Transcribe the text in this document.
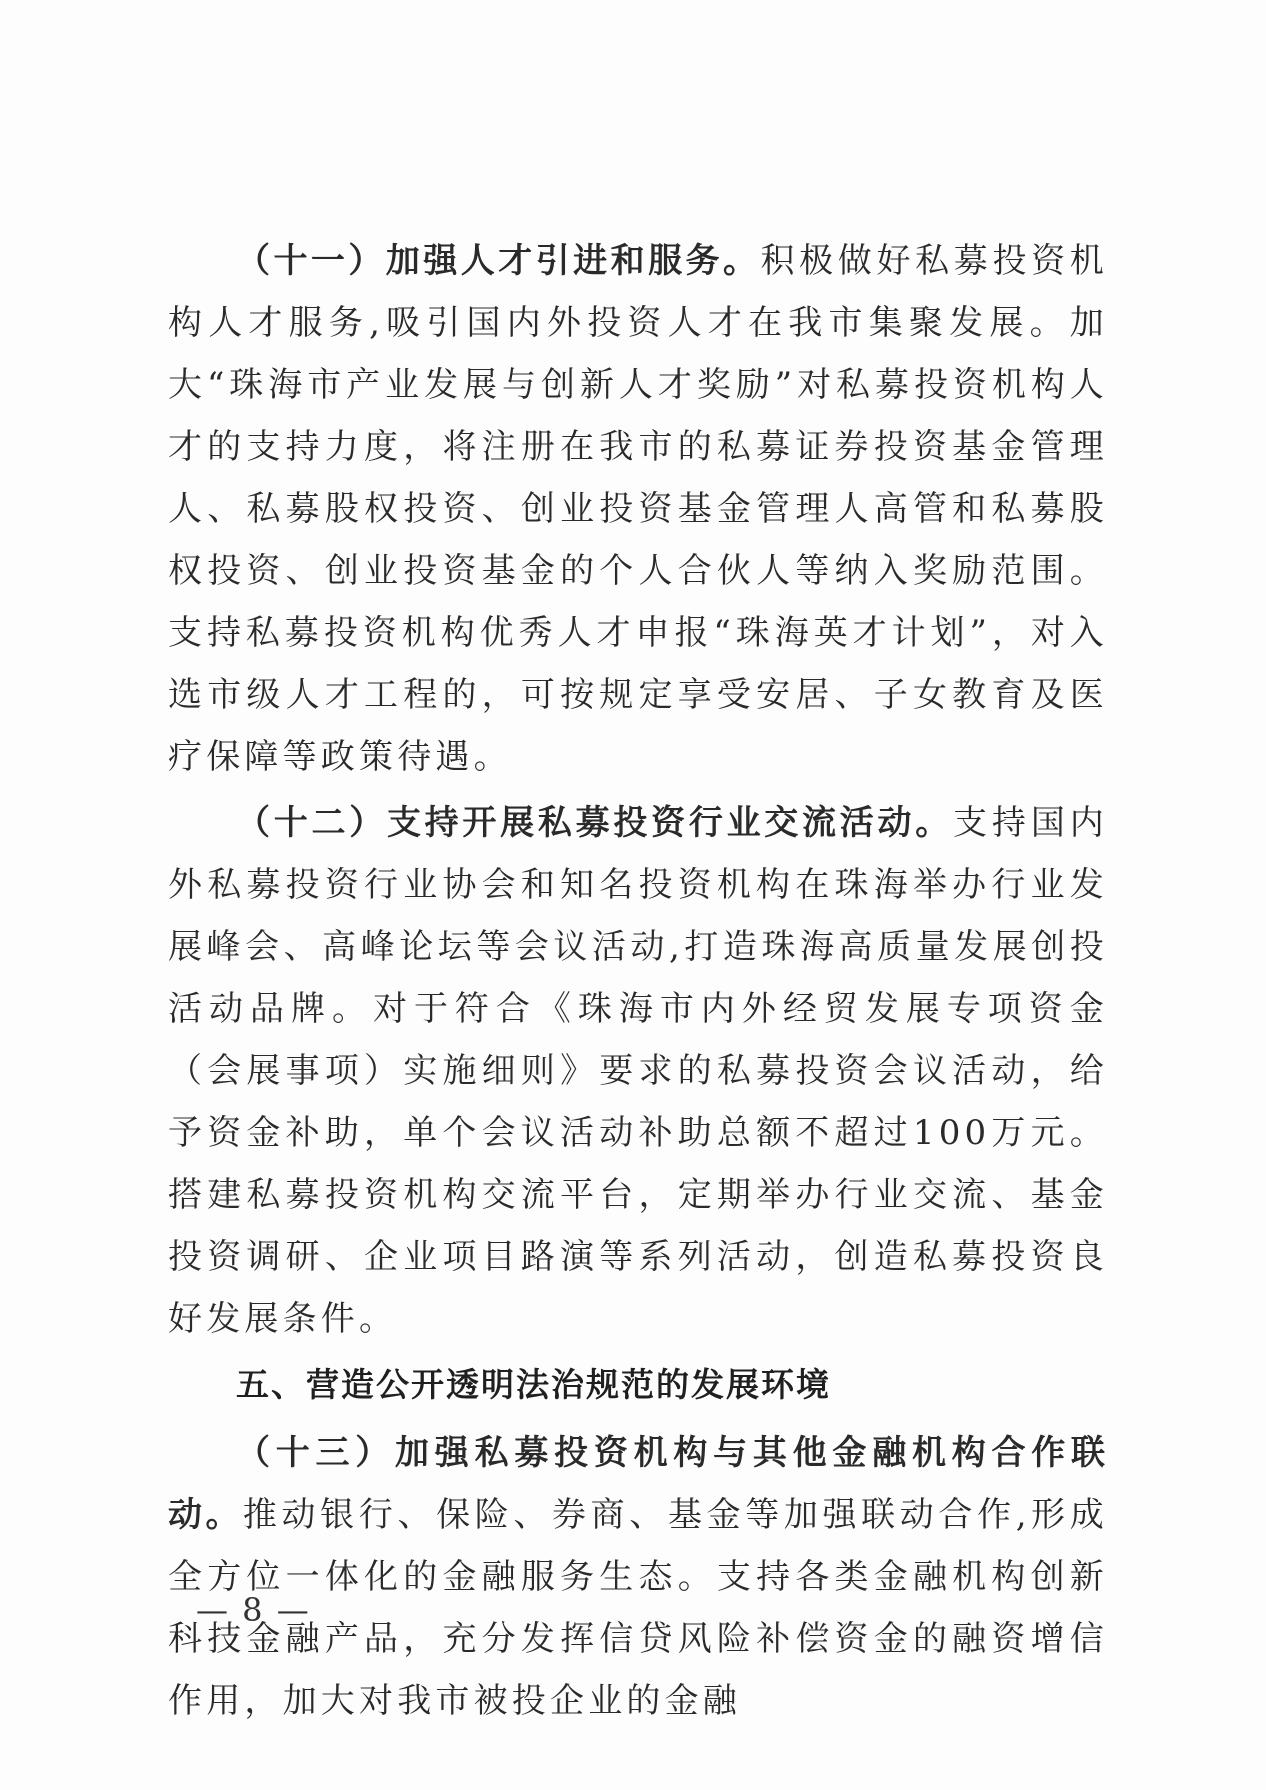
（十一）加强人才引进和服务。积极做好私募投资机构人才服务,吸引国内外投资人才在我市集聚发展。加大“珠海市产业发展与创新人才奖励”对私募投资机构人才的支持力度，将注册在我市的私募证券投资基金管理人、私募股权投资、创业投资基金管理人高管和私募股权投资、创业投资基金的个人合伙人等纳入奖励范围。支持私募投资机构优秀人才申报“珠海英才计划”，对入选市级人才工程的，可按规定享受安居、子女教育及医疗保障等政策待遇。

（十二）支持开展私募投资行业交流活动。支持国内外私募投资行业协会和知名投资机构在珠海举办行业发展峰会、高峰论坛等会议活动,打造珠海高质量发展创投活动品牌。对于符合《珠海市内外经贸发展专项资金（会展事项）实施细则》要求的私募投资会议活动，给予资金补助，单个会议活动补助总额不超过100万元。搭建私募投资机构交流平台，定期举办行业交流、基金投资调研、企业项目路演等系列活动，创造私募投资良好发展条件。

五、营造公开透明法治规范的发展环境

（十三）加强私募投资机构与其他金融机构合作联动。推动银行、保险、券商、基金等加强联动合作,形成全方位一体化的金融服务生态。支持各类金融机构创新科技金融产品，充分发挥信贷风险补偿资金的融资增信作用，加大对我市被投企业的金融

— 8 —
